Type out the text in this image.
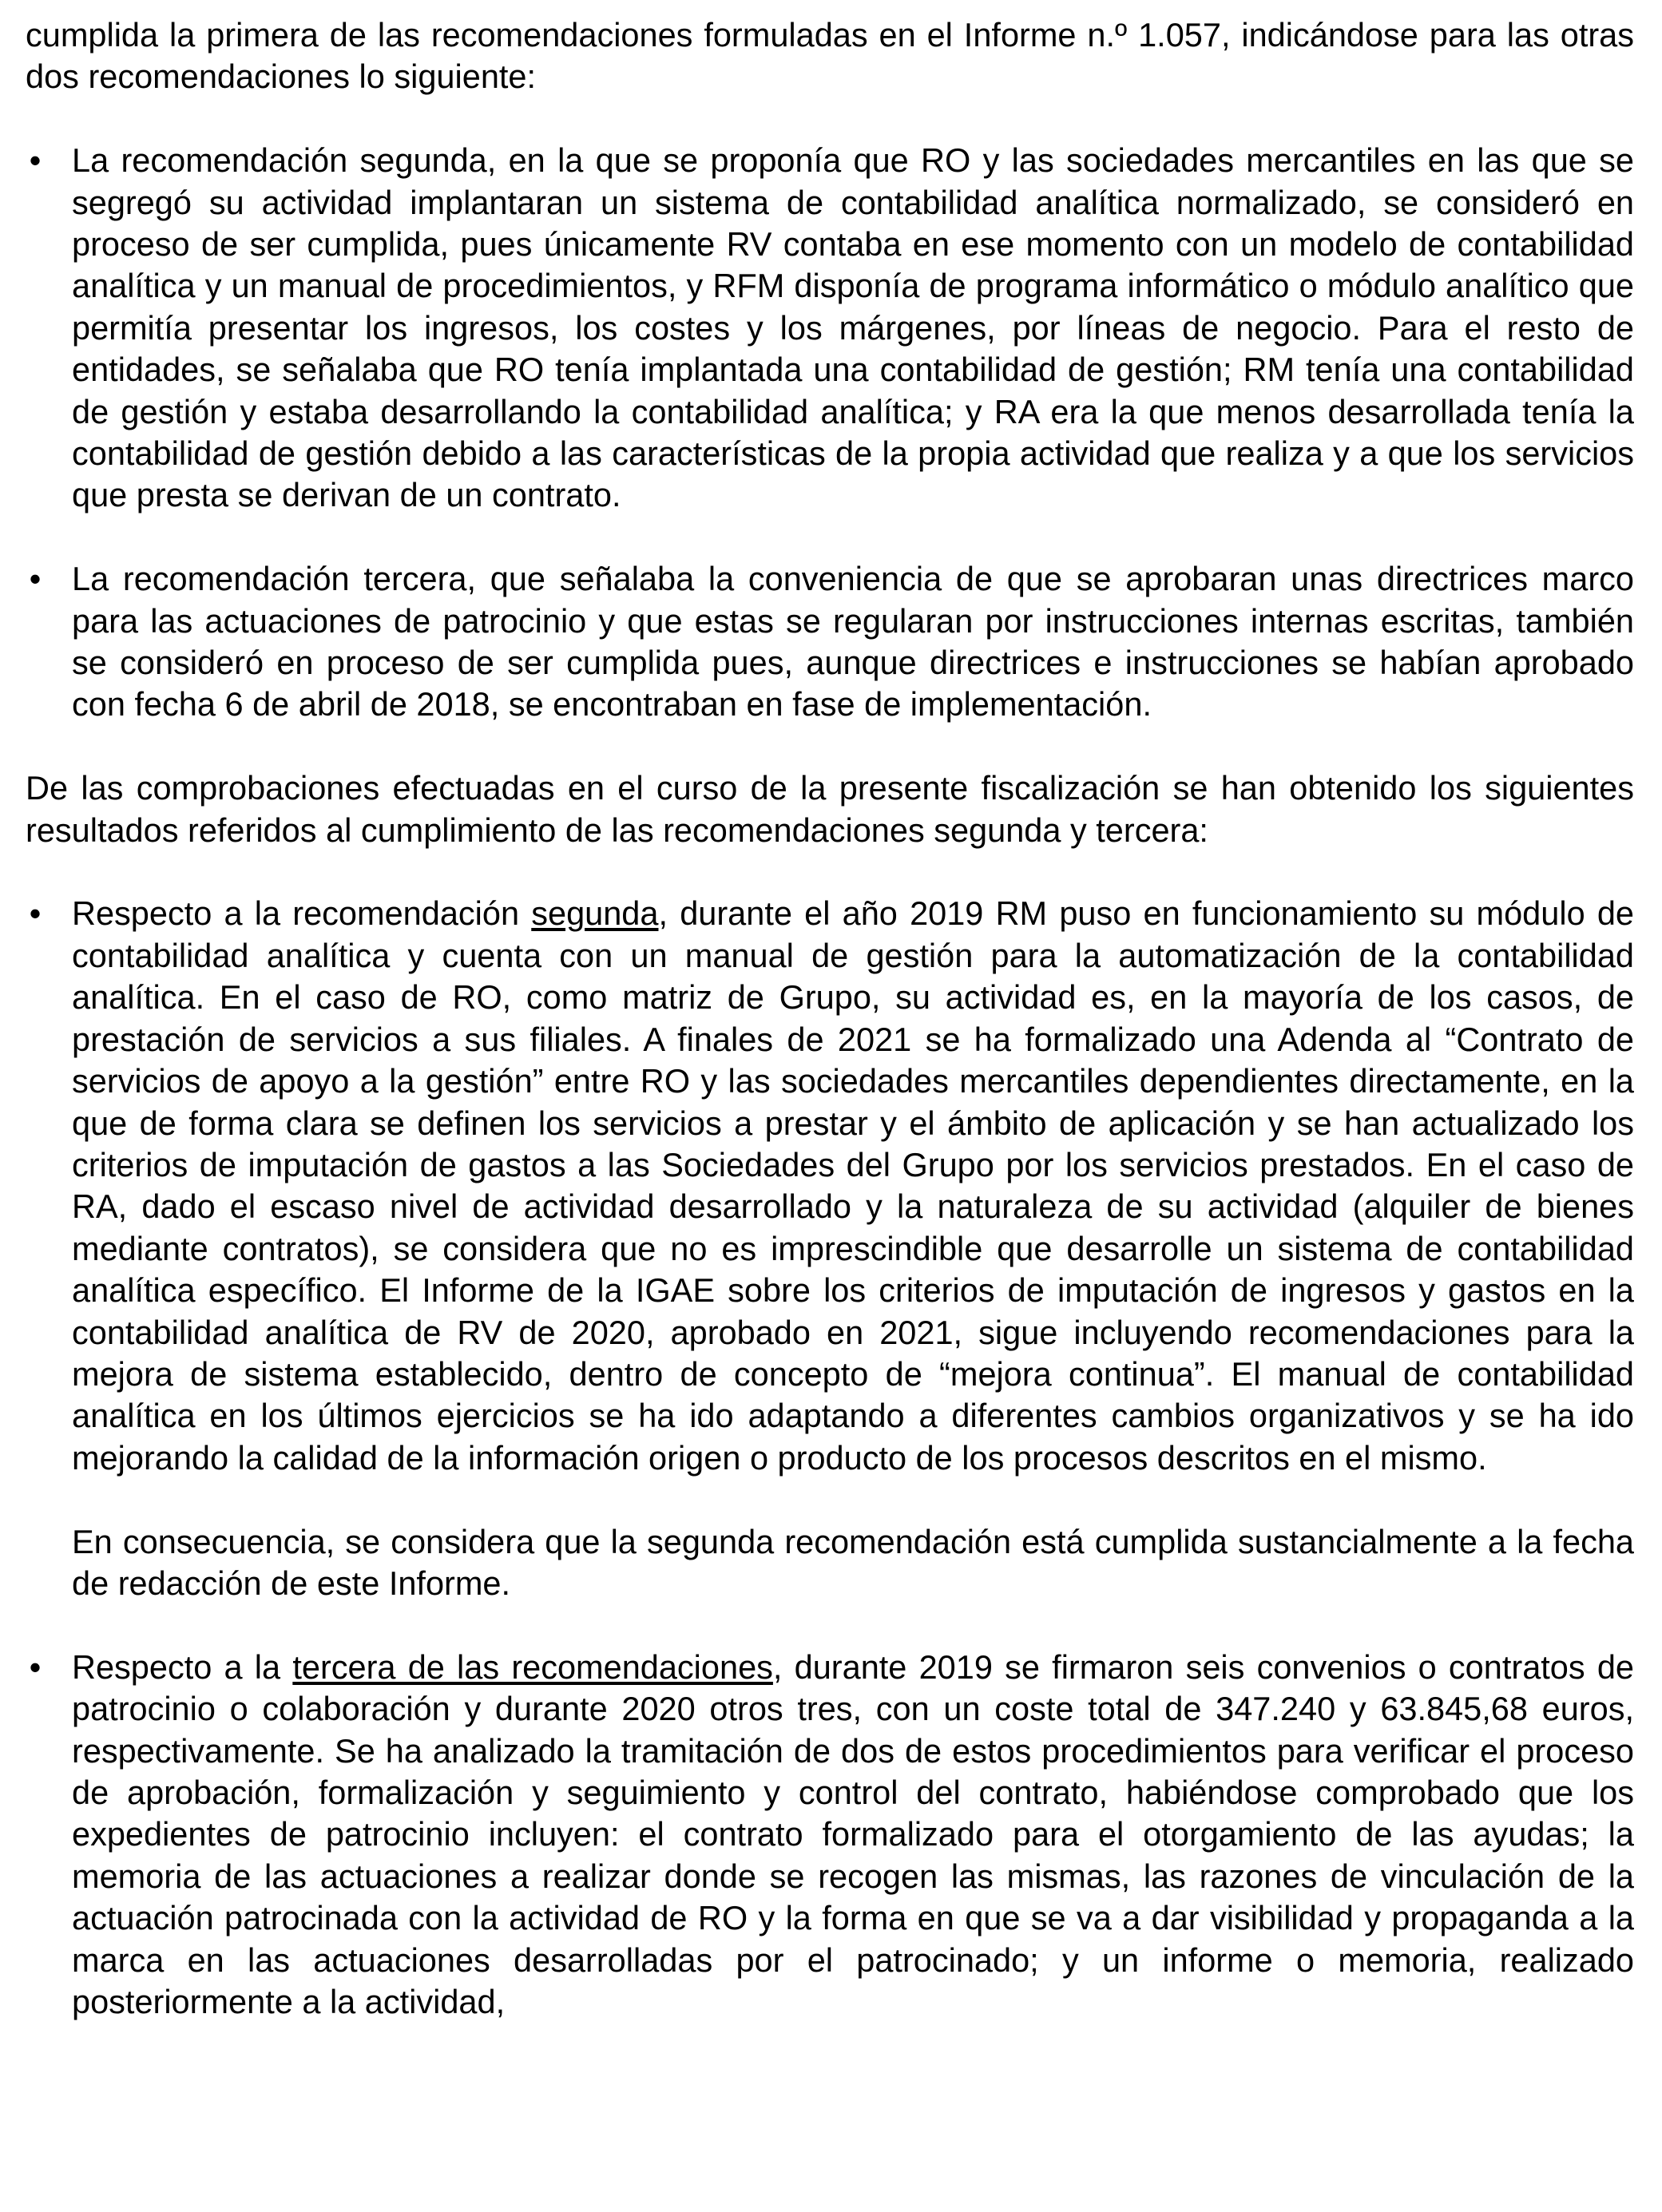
cumplida la primera de las recomendaciones formuladas en el Informe n.º 1.057, indicándose para las otras dos recomendaciones lo siguiente:

• La recomendación segunda, en la que se proponía que RO y las sociedades mercantiles en las que se segregó su actividad implantaran un sistema de contabilidad analítica normalizado, se consideró en proceso de ser cumplida, pues únicamente RV contaba en ese momento con un modelo de contabilidad analítica y un manual de procedimientos, y RFM disponía de programa informático o módulo analítico que permitía presentar los ingresos, los costes y los márgenes, por líneas de negocio. Para el resto de entidades, se señalaba que RO tenía implantada una contabilidad de gestión; RM tenía una contabilidad de gestión y estaba desarrollando la contabilidad analítica; y RA era la que menos desarrollada tenía la contabilidad de gestión debido a las características de la propia actividad que realiza y a que los servicios que presta se derivan de un contrato.
• La recomendación tercera, que señalaba la conveniencia de que se aprobaran unas directrices marco para las actuaciones de patrocinio y que estas se regularan por instrucciones internas escritas, también se consideró en proceso de ser cumplida pues, aunque directrices e instrucciones se habían aprobado con fecha 6 de abril de 2018, se encontraban en fase de implementación.

De las comprobaciones efectuadas en el curso de la presente fiscalización se han obtenido los siguientes resultados referidos al cumplimiento de las recomendaciones segunda y tercera:

• Respecto a la recomendación segunda, durante el año 2019 RM puso en funcionamiento su módulo de contabilidad analítica y cuenta con un manual de gestión para la automatización de la contabilidad analítica. En el caso de RO, como matriz de Grupo, su actividad es, en la mayoría de los casos, de prestación de servicios a sus filiales. A finales de 2021 se ha formalizado una Adenda al “Contrato de servicios de apoyo a la gestión” entre RO y las sociedades mercantiles dependientes directamente, en la que de forma clara se definen los servicios a prestar y el ámbito de aplicación y se han actualizado los criterios de imputación de gastos a las Sociedades del Grupo por los servicios prestados. En el caso de RA, dado el escaso nivel de actividad desarrollado y la naturaleza de su actividad (alquiler de bienes mediante contratos), se considera que no es imprescindible que desarrolle un sistema de contabilidad analítica específico. El Informe de la IGAE sobre los criterios de imputación de ingresos y gastos en la contabilidad analítica de RV de 2020, aprobado en 2021, sigue incluyendo recomendaciones para la mejora de sistema establecido, dentro de concepto de “mejora continua”. El manual de contabilidad analítica en los últimos ejercicios se ha ido adaptando a diferentes cambios organizativos y se ha ido mejorando la calidad de la información origen o producto de los procesos descritos en el mismo.

En consecuencia, se considera que la segunda recomendación está cumplida sustancialmente a la fecha de redacción de este Informe.

• Respecto a la tercera de las recomendaciones, durante 2019 se firmaron seis convenios o contratos de patrocinio o colaboración y durante 2020 otros tres, con un coste total de 347.240 y 63.845,68 euros, respectivamente. Se ha analizado la tramitación de dos de estos procedimientos para verificar el proceso de aprobación, formalización y seguimiento y control del contrato, habiéndose comprobado que los expedientes de patrocinio incluyen: el contrato formalizado para el otorgamiento de las ayudas; la memoria de las actuaciones a realizar donde se recogen las mismas, las razones de vinculación de la actuación patrocinada con la actividad de RO y la forma en que se va a dar visibilidad y propaganda a la marca en las actuaciones desarrolladas por el patrocinado; y un informe o memoria, realizado posteriormente a la actividad,
